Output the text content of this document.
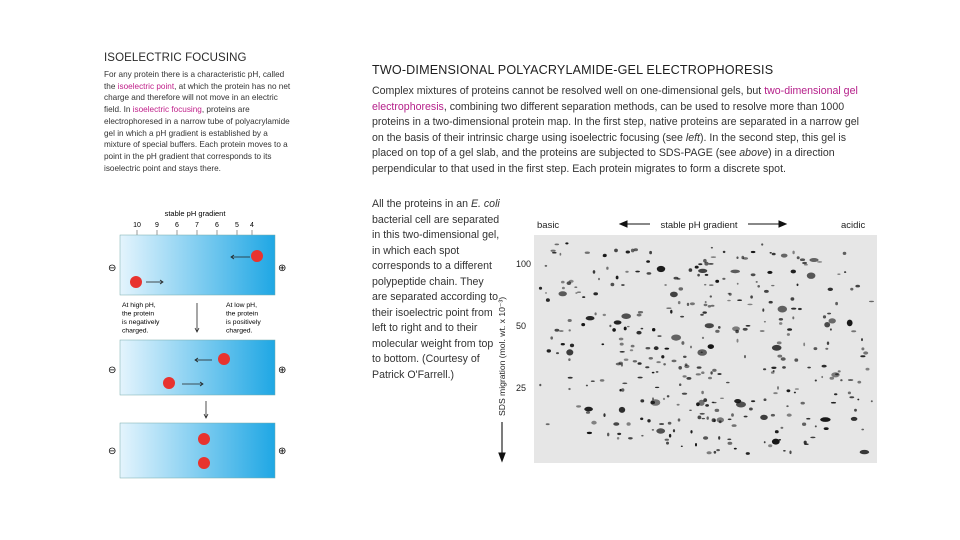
ISOELECTRIC FOCUSING
For any protein there is a characteristic pH, called the isoelectric point, at which the protein has no net charge and therefore will not move in an electric field. In isoelectric focusing, proteins are electrophoresed in a narrow tube of polyacrylamide gel in which a pH gradient is established by a mixture of special buffers. Each protein moves to a point in the pH gradient that corresponds to its isoelectric point and stays there.
stable pH gradient
10 9 6 7 6 5 4
⊖	⊕
At high pH, the protein is negatively charged.
At low pH, the protein is positively charged.
⊖	⊕
⊖	⊕
TWO-DIMENSIONAL POLYACRYLAMIDE-GEL ELECTROPHORESIS
Complex mixtures of proteins cannot be resolved well on one-dimensional gels, but two-dimensional gel electrophoresis, combining two different separation methods, can be used to resolve more than 1000 proteins in a two-dimensional protein map. In the first step, native proteins are separated in a narrow gel on the basis of their intrinsic charge using isoelectric focusing (see left). In the second step, this gel is placed on top of a gel slab, and the proteins are subjected to SDS-PAGE (see above) in a direction perpendicular to that used in the first step. Each protein migrates to form a discrete spot.
All the proteins in an E. coli bacterial cell are separated in this two-dimensional gel, in which each spot corresponds to a different polypeptide chain. They are separated according to their isoelectric point from left to right and to their molecular weight from top to bottom. (Courtesy of Patrick O'Farrell.)
basic	acidic
stable pH gradient
SDS migration (mol. wt. x 10⁻³)
100
50
25
